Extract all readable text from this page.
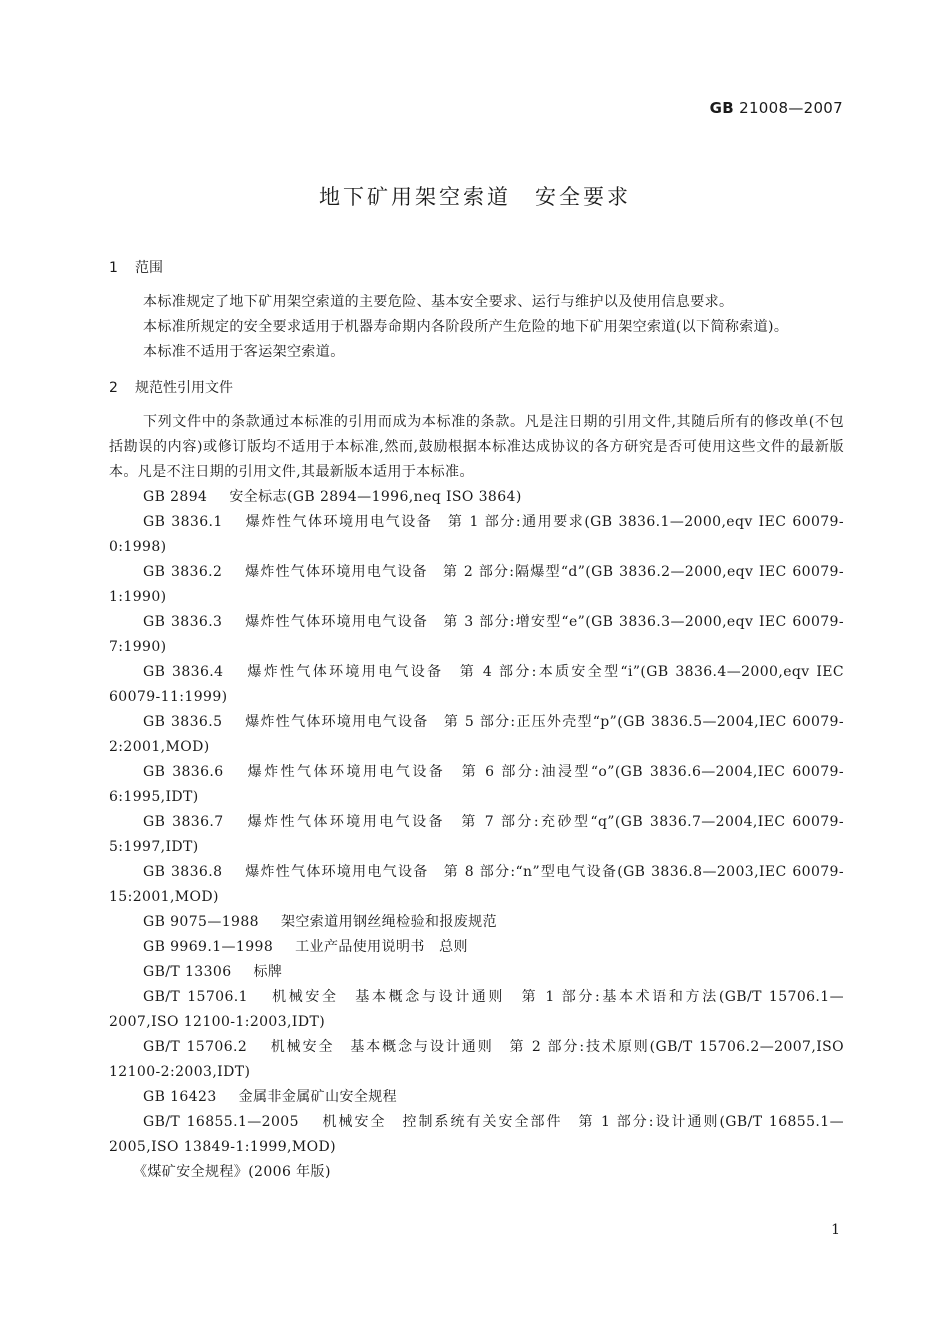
GB 21008—2007
地下矿用架空索道　安全要求
1 范围

本标准规定了地下矿用架空索道的主要危险、基本安全要求、运行与维护以及使用信息要求。

本标准所规定的安全要求适用于机器寿命期内各阶段所产生危险的地下矿用架空索道(以下简称索道)。

本标准不适用于客运架空索道。

2 规范性引用文件

下列文件中的条款通过本标准的引用而成为本标准的条款。凡是注日期的引用文件,其随后所有的修改单(不包括勘误的内容)或修订版均不适用于本标准,然而,鼓励根据本标准达成协议的各方研究是否可使用这些文件的最新版本。凡是不注日期的引用文件,其最新版本适用于本标准。

GB 2894 安全标志(GB 2894—1996,neq ISO 3864)

GB 3836.1 爆炸性气体环境用电气设备　第 1 部分:通用要求(GB 3836.1—2000,eqv IEC 60079-0:1998)

GB 3836.2 爆炸性气体环境用电气设备　第 2 部分:隔爆型“d”(GB 3836.2—2000,eqv IEC 60079-1:1990)

GB 3836.3 爆炸性气体环境用电气设备　第 3 部分:增安型“e”(GB 3836.3—2000,eqv IEC 60079-7:1990)

GB 3836.4 爆炸性气体环境用电气设备　第 4 部分:本质安全型“i”(GB 3836.4—2000,eqv IEC 60079-11:1999)

GB 3836.5 爆炸性气体环境用电气设备　第 5 部分:正压外壳型“p”(GB 3836.5—2004,IEC 60079-2:2001,MOD)

GB 3836.6 爆炸性气体环境用电气设备　第 6 部分:油浸型“o”(GB 3836.6—2004,IEC 60079-6:1995,IDT)

GB 3836.7 爆炸性气体环境用电气设备　第 7 部分:充砂型“q”(GB 3836.7—2004,IEC 60079-5:1997,IDT)

GB 3836.8 爆炸性气体环境用电气设备　第 8 部分:“n”型电气设备(GB 3836.8—2003,IEC 60079-15:2001,MOD)

GB 9075—1988 架空索道用钢丝绳检验和报废规范

GB 9969.1—1998 工业产品使用说明书　总则

GB/T 13306 标牌

GB/T 15706.1 机械安全　基本概念与设计通则　第 1 部分:基本术语和方法(GB/T 15706.1—2007,ISO 12100-1:2003,IDT)

GB/T 15706.2 机械安全　基本概念与设计通则　第 2 部分:技术原则(GB/T 15706.2—2007,ISO 12100-2:2003,IDT)

GB 16423 金属非金属矿山安全规程

GB/T 16855.1—2005 机械安全　控制系统有关安全部件　第 1 部分:设计通则(GB/T 16855.1—2005,ISO 13849-1:1999,MOD)

《煤矿安全规程》(2006 年版)

1
